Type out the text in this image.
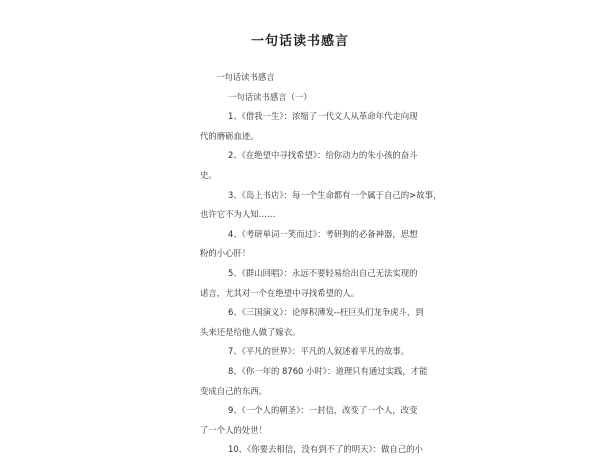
一句话读书感言
一句话读书感言
一句话读书感言（一）
1、《借我一生》：浓缩了一代文人从革命年代走向现
代的磨砺血迹。
2、《在绝望中寻找希望》：给你动力的朱小孩的奋斗
史。
3、《岛上书店》：每一个生命都有一个属于自己的>故事，
也许它不为人知……
4、《考研单词一笑而过》：考研狗的必备神器，思想
粉的小心肝！
5、《群山回唱》：永远不要轻易给出自己无法实现的
诺言，尤其对一个在绝望中寻找希望的人。
6、《三国演义》：论厚积薄发--枉巨头们龙争虎斗，到
头来还是给他人做了嫁衣。
7、《平凡的世界》：平凡的人叙述着平凡的故事。
8、《你一年的 8760 小时》：道理只有通过实践，才能
变成自己的东西。
9、《一个人的朝圣》：一封信，改变了一个人，改变
了一个人的处世！
10、《你要去相信，没有到不了的明天》：做自己的小
